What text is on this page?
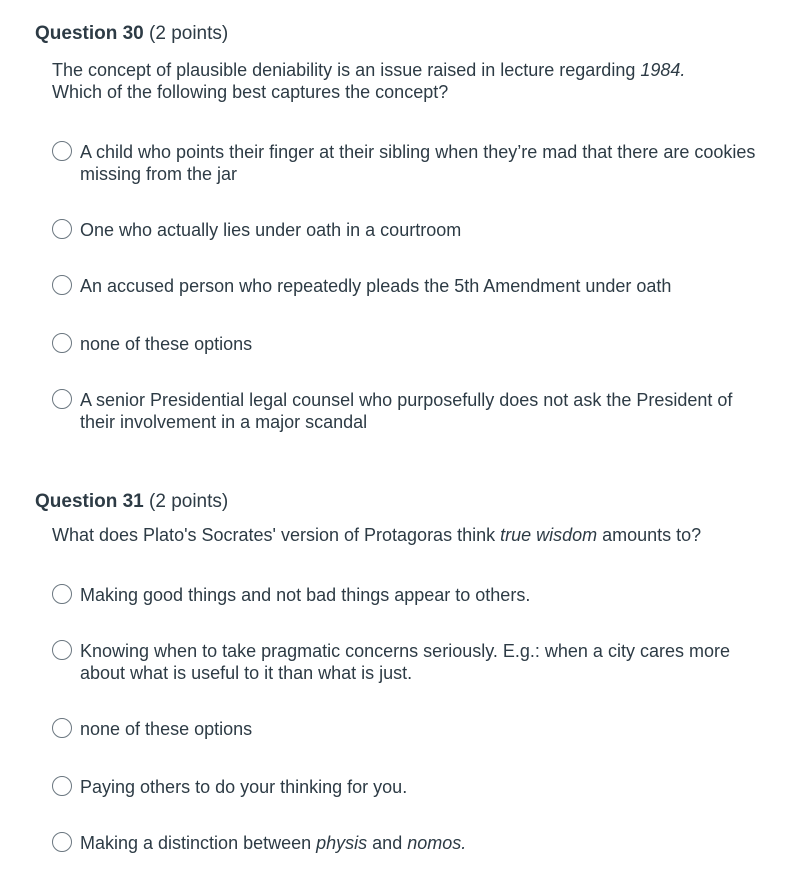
Question 30 (2 points)
The concept of plausible deniability is an issue raised in lecture regarding 1984.
Which of the following best captures the concept?
A child who points their finger at their sibling when they’re mad that there are cookies missing from the jar
One who actually lies under oath in a courtroom
An accused person who repeatedly pleads the 5th Amendment under oath
none of these options
A senior Presidential legal counsel who purposefully does not ask the President of their involvement in a major scandal
Question 31 (2 points)
What does Plato's Socrates' version of Protagoras think true wisdom amounts to?
Making good things and not bad things appear to others.
Knowing when to take pragmatic concerns seriously. E.g.: when a city cares more about what is useful to it than what is just.
none of these options
Paying others to do your thinking for you.
Making a distinction between physis and nomos.
